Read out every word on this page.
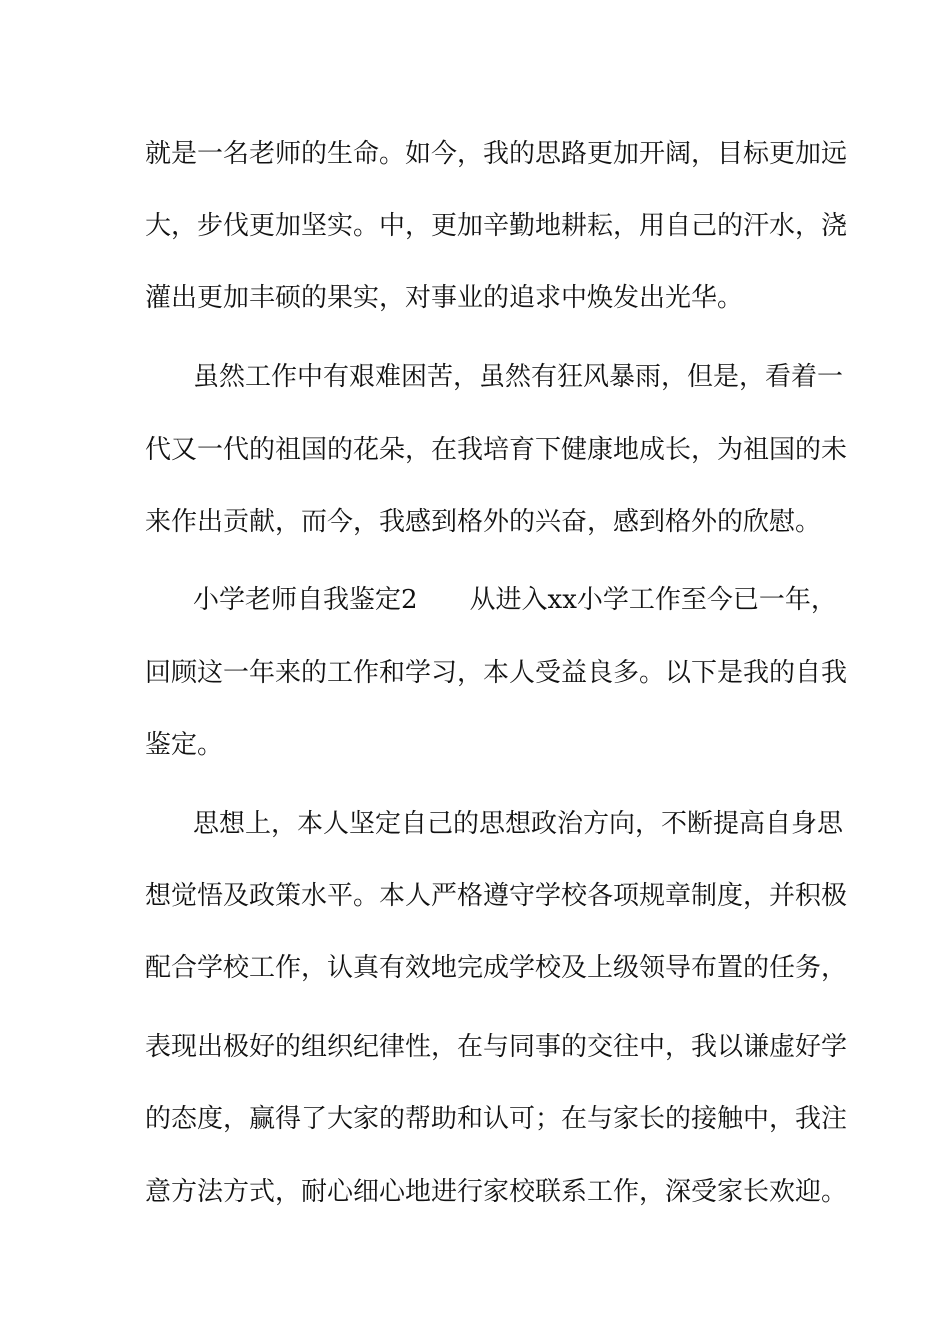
就是一名老师的生命。如今，我的思路更加开阔，目标更加远
大，步伐更加坚实。中，更加辛勤地耕耘，用自己的汗水，浇
灌出更加丰硕的果实，对事业的追求中焕发出光华。
虽然工作中有艰难困苦，虽然有狂风暴雨，但是，看着一
代又一代的祖国的花朵，在我培育下健康地成长，为祖国的未
来作出贡献，而今，我感到格外的兴奋，感到格外的欣慰。
小学老师自我鉴定2　　从进入xx小学工作至今已一年，
回顾这一年来的工作和学习，本人受益良多。以下是我的自我
鉴定。
思想上，本人坚定自己的思想政治方向，不断提高自身思
想觉悟及政策水平。本人严格遵守学校各项规章制度，并积极
配合学校工作，认真有效地完成学校及上级领导布置的任务，
表现出极好的组织纪律性，在与同事的交往中，我以谦虚好学
的态度，赢得了大家的帮助和认可；在与家长的接触中，我注
意方法方式，耐心细心地进行家校联系工作，深受家长欢迎。
